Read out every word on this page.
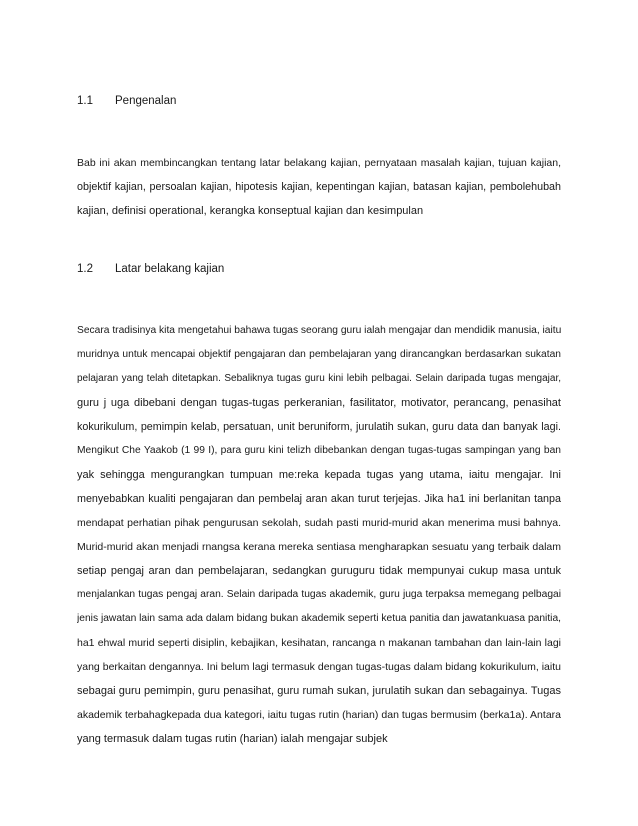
1.1 Pengenalan
Bab ini akan membincangkan tentang latar belakang kajian, pernyataan masalah kajian, tujuan kajian,
objektif kajian, persoalan kajian, hipotesis kajian, kepentingan kajian, batasan kajian, pembolehubah
kajian, definisi operational, kerangka konseptual kajian dan kesimpulan
1.2 Latar belakang kajian
Secara tradisinya kita mengetahui bahawa tugas seorang guru ialah mengajar dan mendidik manusia, iaitu
muridnya untuk mencapai objektif pengajaran dan pembelajaran yang dirancangkan berdasarkan sukatan
pelajaran yang telah ditetapkan. Sebaliknya tugas guru kini lebih pelbagai. Selain daripada tugas mengajar,
guru j uga dibebani dengan tugas-tugas perkeranian, fasilitator, motivator, perancang, penasihat
kokurikulum, pemimpin kelab, persatuan, unit beruniform, jurulatih sukan, guru data dan banyak lagi.
Mengikut Che Yaakob (1 99 I), para guru kini telizh dibebankan dengan tugas-tugas sampingan yang ban
yak sehingga mengurangkan tumpuan me:reka kepada tugas yang utama, iaitu mengajar. Ini
menyebabkan kualiti pengajaran dan pembelaj aran akan turut terjejas. Jika ha1 ini berlanitan tanpa
mendapat perhatian pihak pengurusan sekolah, sudah pasti murid-murid akan menerima musi bahnya.
Murid-murid akan menjadi rnangsa kerana mereka sentiasa mengharapkan sesuatu yang terbaik dalam
setiap pengaj aran dan pembelajaran, sedangkan guruguru tidak mempunyai cukup masa untuk
menjalankan tugas pengaj aran. Selain daripada tugas akademik, guru juga terpaksa memegang pelbagai
jenis jawatan lain sama ada dalam bidang bukan akademik seperti ketua panitia dan jawatankuasa panitia,
ha1 ehwal murid seperti disiplin, kebajikan, kesihatan, rancanga n makanan tambahan dan lain-lain lagi
yang berkaitan dengannya. Ini belum lagi termasuk dengan tugas-tugas dalam bidang kokurikulum, iaitu
sebagai guru pemimpin, guru penasihat, guru rumah sukan, jurulatih sukan dan sebagainya. Tugas
akademik terbahagkepada dua kategori, iaitu tugas rutin (harian) dan tugas bermusim (berka1a). Antara
yang termasuk dalam tugas rutin (harian) ialah mengajar subjek
